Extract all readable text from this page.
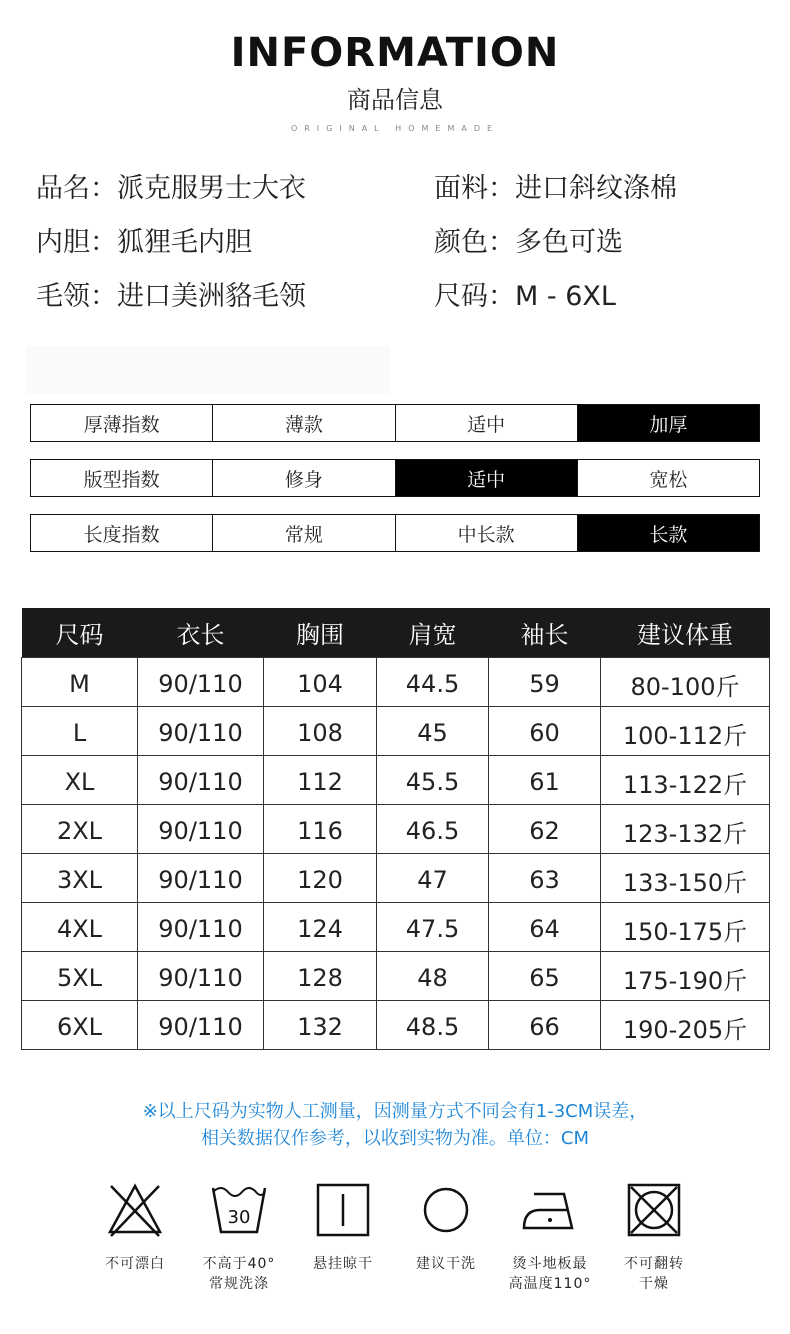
INFORMATION
商品信息
ORIGINAL HOMEMADE
品名：派克服男士大衣	面料：进口斜纹涤棉
内胆：狐狸毛内胆	颜色：多色可选
毛领：进口美洲貉毛领	尺码：M - 6XL
厚薄指数	薄款	适中	加厚
版型指数	修身	适中	宽松
长度指数	常规	中长款	长款
尺码	衣长	胸围	肩宽	袖长	建议体重
M	90/110	104	44.5	59	80-100斤
L	90/110	108	45	60	100-112斤
XL	90/110	112	45.5	61	113-122斤
2XL	90/110	116	46.5	62	123-132斤
3XL	90/110	120	47	63	133-150斤
4XL	90/110	124	47.5	64	150-175斤
5XL	90/110	128	48	65	175-190斤
6XL	90/110	132	48.5	66	190-205斤
※以上尺码为实物人工测量，因测量方式不同会有1-3CM误差，
相关数据仅作参考，以收到实物为准。单位：CM
不可漂白
30
不高于40°
常规洗涤
悬挂晾干	建议干洗	烫斗地板最
高温度110°
不可翻转
干燥
